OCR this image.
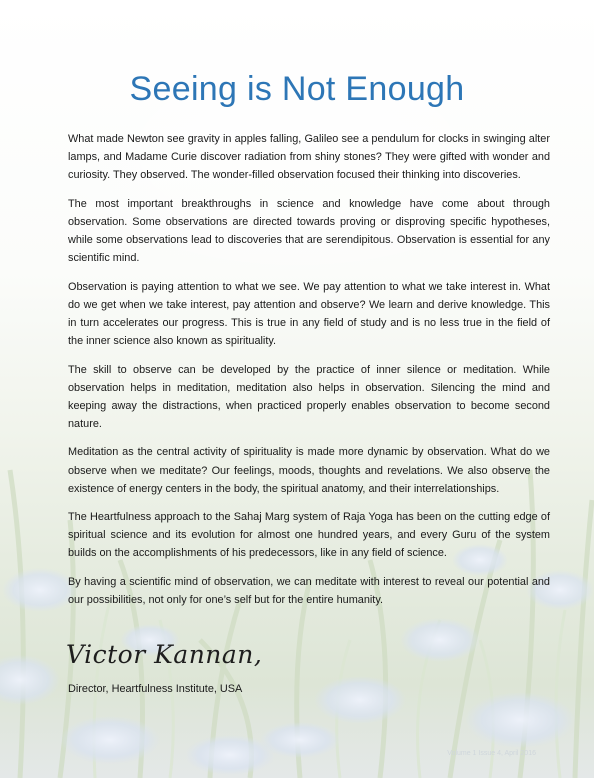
Seeing is Not Enough

What made Newton see gravity in apples falling, Galileo see a pendulum for clocks in swinging alter lamps, and Madame Curie discover radiation from shiny stones? They were gifted with wonder and curiosity. They observed. The wonder-filled observation focused their thinking into discoveries.

The most important breakthroughs in science and knowledge have come about through observation. Some observations are directed towards proving or disproving specific hypotheses, while some observations lead to discoveries that are serendipitous. Observation is essential for any scientific mind.

Observation is paying attention to what we see. We pay attention to what we take interest in. What do we get when we take interest, pay attention and observe? We learn and derive knowledge. This in turn accelerates our progress. This is true in any field of study and is no less true in the field of the inner science also known as spirituality.

The skill to observe can be developed by the practice of inner silence or meditation. While observation helps in meditation, meditation also helps in observation. Silencing the mind and keeping away the distractions, when practiced properly enables observation to become second nature.

Meditation as the central activity of spirituality is made more dynamic by observation. What do we observe when we meditate? Our feelings, moods, thoughts and revelations. We also observe the existence of energy centers in the body, the spiritual anatomy, and their interrelationships.

The Heartfulness approach to the Sahaj Marg system of Raja Yoga has been on the cutting edge of spiritual science and its evolution for almost one hundred years, and every Guru of the system builds on the accomplishments of his predecessors, like in any field of science.

By having a scientific mind of observation, we can meditate with interest to reveal our potential and our possibilities, not only for one’s self but for the entire humanity.

Victor Kannan,
Director, Heartfulness Institute, USA
Volume 1 Issue 4, April 2016
